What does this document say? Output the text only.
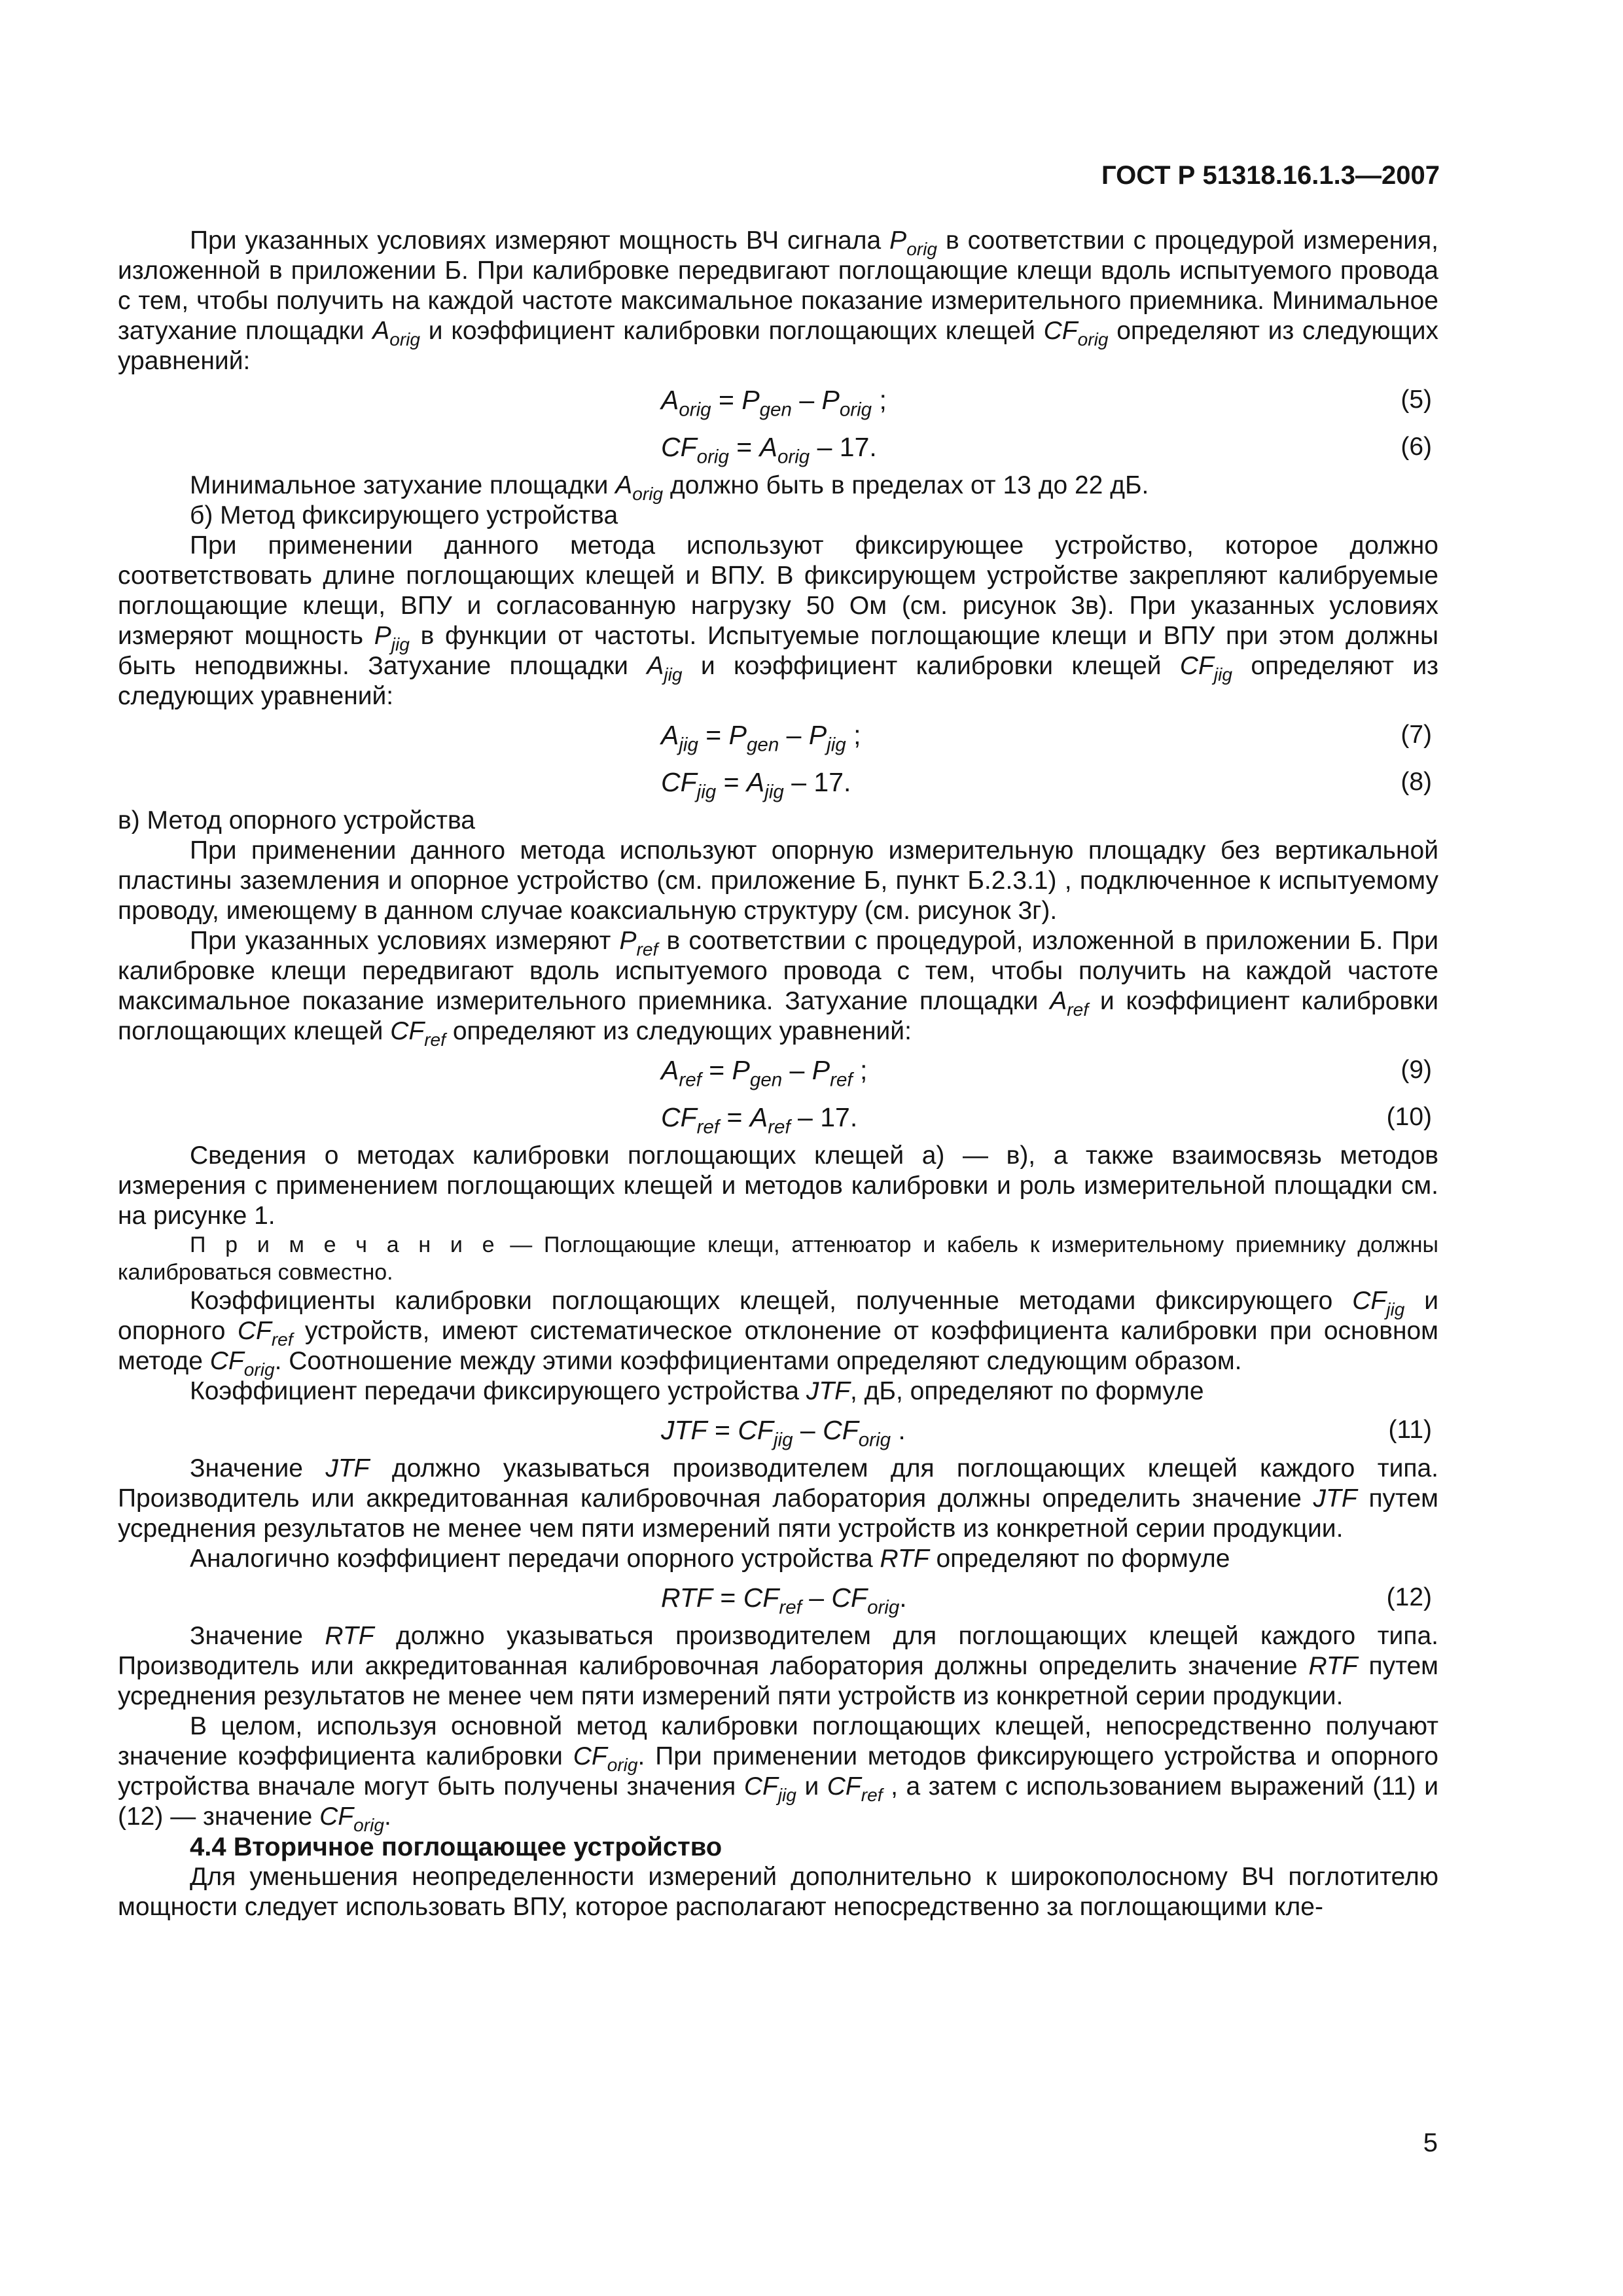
ГОСТ Р 51318.16.1.3—2007

При указанных условиях измеряют мощность ВЧ сигнала $P_{orig}$ в соответствии с процедурой измерения, изложенной в приложении Б. При калибровке передвигают поглощающие клещи вдоль испытуемого провода с тем, чтобы получить на каждой частоте максимальное показание измерительного приемника. Минимальное затухание площадки $A_{orig}$ и коэффициент калибровки поглощающих клещей $CF_{orig}$ определяют из следующих уравнений:

$A_{orig} = P_{gen} - P_{orig}$ ;	(5)
$CF_{orig} = A_{orig} - 17$.	(6)

Минимальное затухание площадки $A_{orig}$ должно быть в пределах от 13 до 22 дБ.

б) Метод фиксирующего устройства

При применении данного метода используют фиксирующее устройство, которое должно соответствовать длине поглощающих клещей и ВПУ. В фиксирующем устройстве закрепляют калибруемые поглощающие клещи, ВПУ и согласованную нагрузку 50 Ом (см. рисунок 3в). При указанных условиях измеряют мощность $P_{jig}$ в функции от частоты. Испытуемые поглощающие клещи и ВПУ при этом должны быть неподвижны. Затухание площадки $A_{jig}$ и коэффициент калибровки клещей $CF_{jig}$ определяют из следующих уравнений:

$A_{jig} = P_{gen} - P_{jig}$ ;	(7)
$CF_{jig} = A_{jig} - 17$.	(8)

в) Метод опорного устройства

При применении данного метода используют опорную измерительную площадку без вертикальной пластины заземления и опорное устройство (см. приложение Б, пункт Б.2.3.1) , подключенное к испытуемому проводу, имеющему в данном случае коаксиальную структуру (см. рисунок 3г).

При указанных условиях измеряют $P_{ref}$ в соответствии с процедурой, изложенной в приложении Б. При калибровке клещи передвигают вдоль испытуемого провода с тем, чтобы получить на каждой частоте максимальное показание измерительного приемника. Затухание площадки $A_{ref}$ и коэффициент калибровки поглощающих клещей $CF_{ref}$ определяют из следующих уравнений:

$A_{ref} = P_{gen} - P_{ref}$ ;	(9)
$CF_{ref} = A_{ref} - 17$.	(10)

Сведения о методах калибровки поглощающих клещей а) — в), а также взаимосвязь методов измерения с применением поглощающих клещей и методов калибровки и роль измерительной площадки см. на рисунке 1.

П р и м е ч а н и е — Поглощающие клещи, аттенюатор и кабель к измерительному приемнику должны калиброваться совместно.

Коэффициенты калибровки поглощающих клещей, полученные методами фиксирующего $CF_{jig}$ и опорного $CF_{ref}$ устройств, имеют систематическое отклонение от коэффициента калибровки при основном методе $CF_{orig}$. Соотношение между этими коэффициентами определяют следующим образом.

Коэффициент передачи фиксирующего устройства JTF, дБ, определяют по формуле

JTF = $CF_{jig} - CF_{orig}$ .	(11)

Значение JTF должно указываться производителем для поглощающих клещей каждого типа. Производитель или аккредитованная калибровочная лаборатория должны определить значение JTF путем усреднения результатов не менее чем пяти измерений пяти устройств из конкретной серии продукции.

Аналогично коэффициент передачи опорного устройства RTF определяют по формуле

RTF = $CF_{ref} - CF_{orig}$.	(12)

Значение RTF должно указываться производителем для поглощающих клещей каждого типа. Производитель или аккредитованная калибровочная лаборатория должны определить значение RTF путем усреднения результатов не менее чем пяти измерений пяти устройств из конкретной серии продукции.

В целом, используя основной метод калибровки поглощающих клещей, непосредственно получают значение коэффициента калибровки $CF_{orig}$. При применении методов фиксирующего устройства и опорного устройства вначале могут быть получены значения $CF_{jig}$ и $CF_{ref}$ , а затем с использованием выражений (11) и (12) — значение $CF_{orig}$.

4.4 Вторичное поглощающее устройство

Для уменьшения неопределенности измерений дополнительно к широкополосному ВЧ поглотителю мощности следует использовать ВПУ, которое располагают непосредственно за поглощающими кле-

5
